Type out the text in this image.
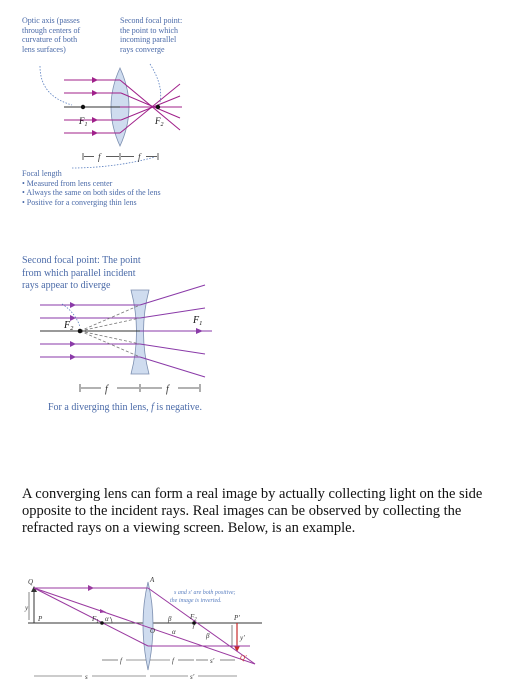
Optic axis (passes
through centers of
curvature of both
lens surfaces)
Second focal point:
the point to which
incoming parallel
rays converge
$F_1$	$F_2$
f	f
Focal length
• Measured from lens center
• Always the same on both sides of the lens
• Positive for a converging thin lens
Second focal point: The point
from which parallel incident
rays appear to diverge
$F_2$
$F_1$
f	f
For a diverging thin lens, f is negative.
A converging lens can form a real image by actually collecting light on the side
opposite to the incident rays. Real images can be observed by collecting the
refracted rays on a viewing screen. Below, is an example.
Q
P
y
A
$F_1$ α
α
β
β
$F_2$
O
P'
y'
Q'
s and s' are both positive;
the image is inverted.
f	f	s'
s	s'
